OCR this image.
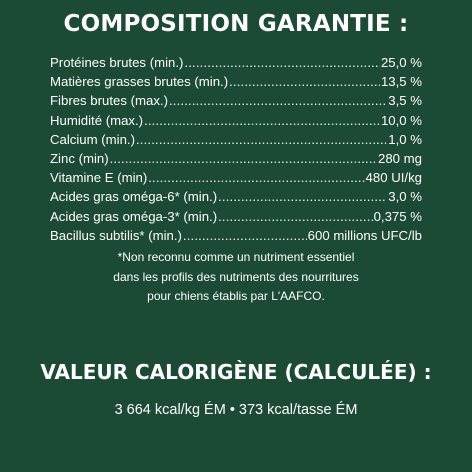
COMPOSITION GARANTIE :
Protéines brutes (min.) .....	25,0 %
Matières grasses brutes (min.) .....	13,5 %
Fibres brutes (max.) .....	3,5 %
Humidité (max.) .....	10,0 %
Calcium (min.) .....	1,0 %
Zinc (min) .....	280 mg
Vitamine E (min) .....	480 UI/kg
Acides gras oméga-6* (min.) .....	3,0 %
Acides gras oméga-3* (min.) .....	0,375 %
Bacillus subtilis* (min.) .....	600 millions UFC/lb
*Non reconnu comme un nutriment essentiel
dans les profils des nutriments des nourritures
pour chiens établis par L'AAFCO.
VALEUR CALORIGÈNE (CALCULÉE) :
3 664 kcal/kg ÉM • 373 kcal/tasse ÉM
